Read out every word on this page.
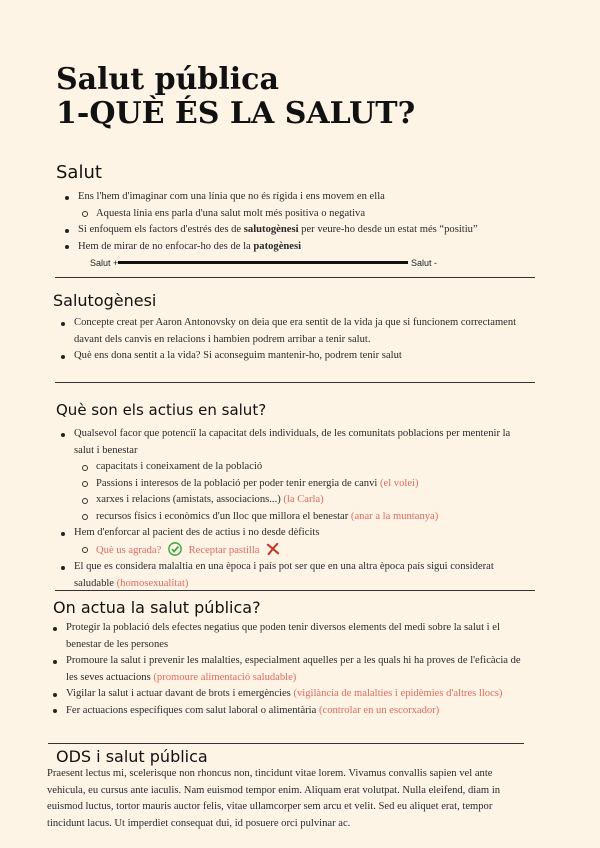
Salut pública
1-QUÈ ÉS LA SALUT?
Salut
Ens l'hem d'imaginar com una línia que no és rígida i ens movem en ella
Aquesta línia ens parla d'una salut molt més positiva o negativa
Si enfoquem els factors d'estrés des de salutogènesi per veure-ho desde un estat més “positiu”
Hem de mirar de no enfocar-ho des de la patogènesi
Salut +	Salut -
Salutogènesi
Concepte creat per Aaron Antonovsky on deia que era sentit de la vida ja que si funcionem correctament davant dels canvis en relacions i hambien podrem arribar a tenir salut.
Què ens dona sentit a la vida? Si aconseguim mantenir-ho, podrem tenir salut
Què son els actius en salut?
Qualsevol facor que potenciï la capacitat dels individuals, de les comunitats poblacions per mentenir la salut i benestar
capacitats i coneixament de la població
Passions i interesos de la població per poder tenir energia de canvi (el volei)
xarxes i relacions (amistats, associacions...) (la Carla)
recursos físics i econòmics d'un lloc que millora el benestar (anar a la muntanya)
Hem d'enforcar al pacient des de actius i no desde dèficits
Què us agrada?	Receptar pastilla
El que es considera malaltia en una època i país pot ser que en una altra època país sigui considerat saludable (homosexualitat)
On actua la salut pública?
Protegir la població dels efectes negatius que poden tenir diversos elements del medi sobre la salut i el benestar de les persones
Promoure la salut i prevenir les malalties, especialment aquelles per a les quals hi ha proves de l'eficàcia de les seves actuacions (promoure alimentació saludable)
Vigilar la salut i actuar davant de brots i emergències (vigilància de malalties i epidèmies d'altres llocs)
Fer actuacions específiques com salut laboral o alimentària (controlar en un escorxador)
ODS i salut pública
Praesent lectus mi, scelerisque non rhoncus non, tincidunt vitae lorem. Vivamus convallis sapien vel ante vehicula, eu cursus ante iaculis. Nam euismod tempor enim. Aliquam erat volutpat. Nulla eleifend, diam in euismod luctus, tortor mauris auctor felis, vitae ullamcorper sem arcu et velit. Sed eu aliquet erat, tempor tincidunt lacus. Ut imperdiet consequat dui, id posuere orci pulvinar ac.
